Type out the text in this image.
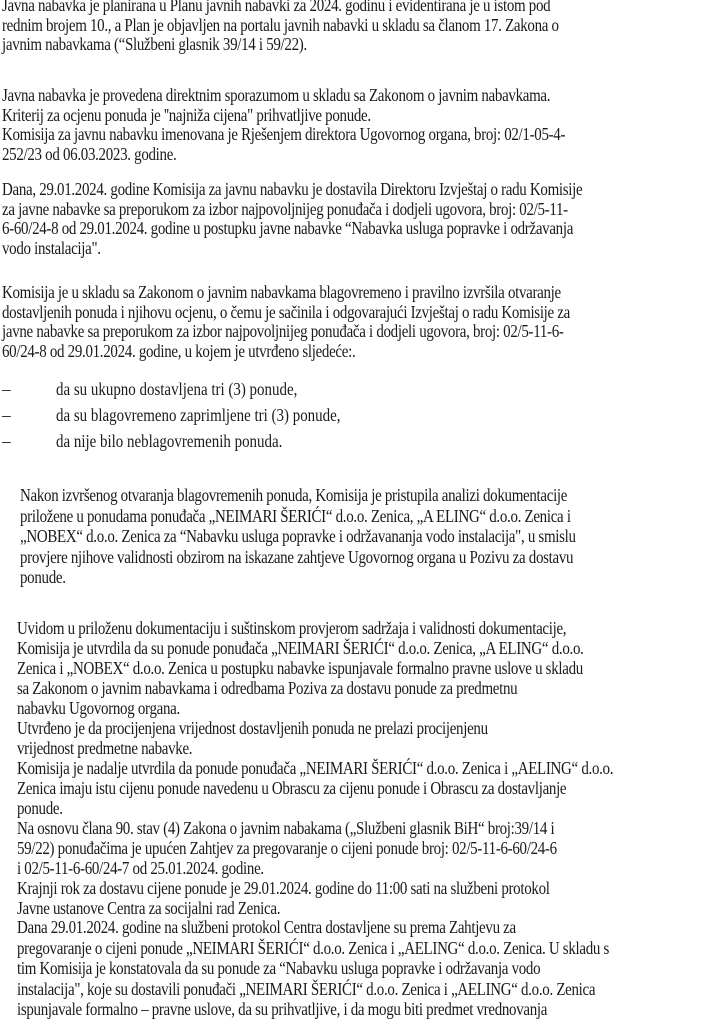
Javna nabavka je planirana u Planu javnih nabavki za 2024. godinu i evidentirana je u istom pod
rednim brojem 10., a Plan je objavljen na portalu javnih nabavki u skladu sa članom 17. Zakona o
javnim nabavkama (“Službeni glasnik 39/14 i 59/22).
Javna nabavka je provedena direktnim sporazumom u skladu sa Zakonom o javnim nabavkama.
Kriterij za ocjenu ponuda je ''najniža cijena" prihvatljive ponude.
Komisija za javnu nabavku imenovana je Rješenjem direktora Ugovornog organa, broj: 02/1-05-4-
252/23 od 06.03.2023. godine.
Dana, 29.01.2024. godine Komisija za javnu nabavku je dostavila Direktoru Izvještaj o radu Komisije
za javne nabavke sa preporukom za izbor najpovoljnijeg ponuđača i dodjeli ugovora, broj: 02/5-11-
6-60/24-8 od 29.01.2024. godine u postupku javne nabavke “Nabavka usluga popravke i održavanja
vodo instalacija".
Komisija je u skladu sa Zakonom o javnim nabavkama blagovremeno i pravilno izvršila otvaranje
dostavljenih ponuda i njihovu ocjenu, o čemu je sačinila i odgovarajući Izvještaj o radu Komisije za
javne nabavke sa preporukom za izbor najpovoljnijeg ponuđača i dodjeli ugovora, broj: 02/5-11-6-
60/24-8 od 29.01.2024. godine, u kojem je utvrđeno sljedeće:.
–	da su ukupno dostavljena tri (3) ponude,
–	da su blagovremeno zaprimljene tri (3) ponude,
–	da nije bilo neblagovremenih ponuda.
Nakon izvršenog otvaranja blagovremenih ponuda, Komisija je pristupila analizi dokumentacije
priložene u ponudama ponuđača „NEIMARI ŠERIĆI“ d.o.o. Zenica, „A ELING“ d.o.o. Zenica i
„NOBEX“ d.o.o. Zenica za “Nabavku usluga popravke i održavananja vodo instalacija", u smislu
provjere njihove validnosti obzirom na iskazane zahtjeve Ugovornog organa u Pozivu za dostavu
ponude.
Uvidom u priloženu dokumentaciju i suštinskom provjerom sadržaja i validnosti dokumentacije,
Komisija je utvrdila da su ponude ponuđača „NEIMARI ŠERIĆI“ d.o.o. Zenica, „A ELING“ d.o.o.
Zenica i „NOBEX“ d.o.o. Zenica u postupku nabavke ispunjavale formalno pravne uslove u skladu
sa Zakonom o javnim nabavkama i odredbama Poziva za dostavu ponude za predmetnu
nabavku Ugovornog organa.
Utvrđeno je da procijenjena vrijednost dostavljenih ponuda ne prelazi procijenjenu
vrijednost predmetne nabavke.
Komisija je nadalje utvrdila da ponude ponuđača „NEIMARI ŠERIĆI“ d.o.o. Zenica i „AELING“ d.o.o.
Zenica imaju istu cijenu ponude navedenu u Obrascu za cijenu ponude i Obrascu za dostavljanje
ponude.
Na osnovu člana 90. stav (4) Zakona o javnim nabakama („Službeni glasnik BiH“ broj:39/14 i
59/22) ponuđačima je upućen Zahtjev za pregovaranje o cijeni ponude broj: 02/5-11-6-60/24-6
i 02/5-11-6-60/24-7 od 25.01.2024. godine.
Krajnji rok za dostavu cijene ponude je 29.01.2024. godine do 11:00 sati na službeni protokol
Javne ustanove Centra za socijalni rad Zenica.
Dana 29.01.2024. godine na službeni protokol Centra dostavljene su prema Zahtjevu za
pregovaranje o cijeni ponude „NEIMARI ŠERIĆI“ d.o.o. Zenica i „AELING“ d.o.o. Zenica. U skladu s
tim Komisija je konstatovala da su ponude za “Nabavku usluga popravke i održavanja vodo
instalacija", koje su dostavili ponuđači „NEIMARI ŠERIĆI“ d.o.o. Zenica i „AELING“ d.o.o. Zenica
ispunjavale formalno – pravne uslove, da su prihvatljive, i da mogu biti predmet vrednovanja
